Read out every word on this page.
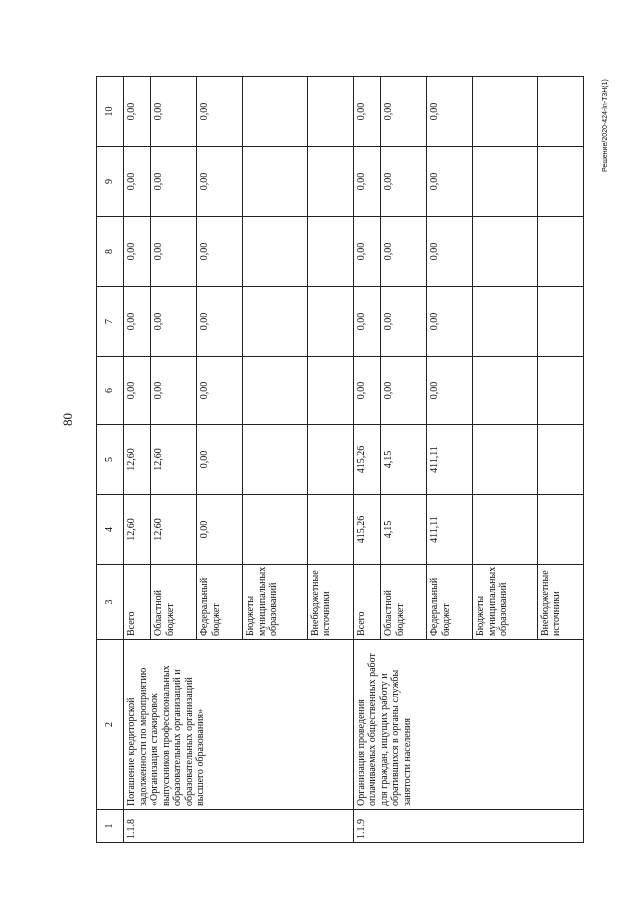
80
Решение/2020-424-ln-T3H(1)
1	2	3	4	5	6	7	8	9	10
1.1.8	Погашение кредиторской задолженности по мероприятию «Организация стажировок выпускников профессиональных образовательных организаций и образовательных организаций высшего образования»	Всего	12,60	12,60	0,00	0,00	0,00	0,00	0,00
		Областной бюджет	12,60	12,60	0,00	0,00	0,00	0,00	0,00
		Федеральный бюджет	0,00	0,00	0,00	0,00	0,00	0,00	0,00
		Бюджеты муниципальных образований							
		Внебюджетные источники							
1.1.9	Организация проведения оплачиваемых общественных работ для граждан, ищущих работу и обратившихся в органы службы занятости населения	Всего	415,26	415,26	0,00	0,00	0,00	0,00	0,00
		Областной бюджет	4,15	4,15	0,00	0,00	0,00	0,00	0,00
		Федеральный бюджет	411,11	411,11	0,00	0,00	0,00	0,00	0,00
		Бюджеты муниципальных образований							
		Внебюджетные источники							
